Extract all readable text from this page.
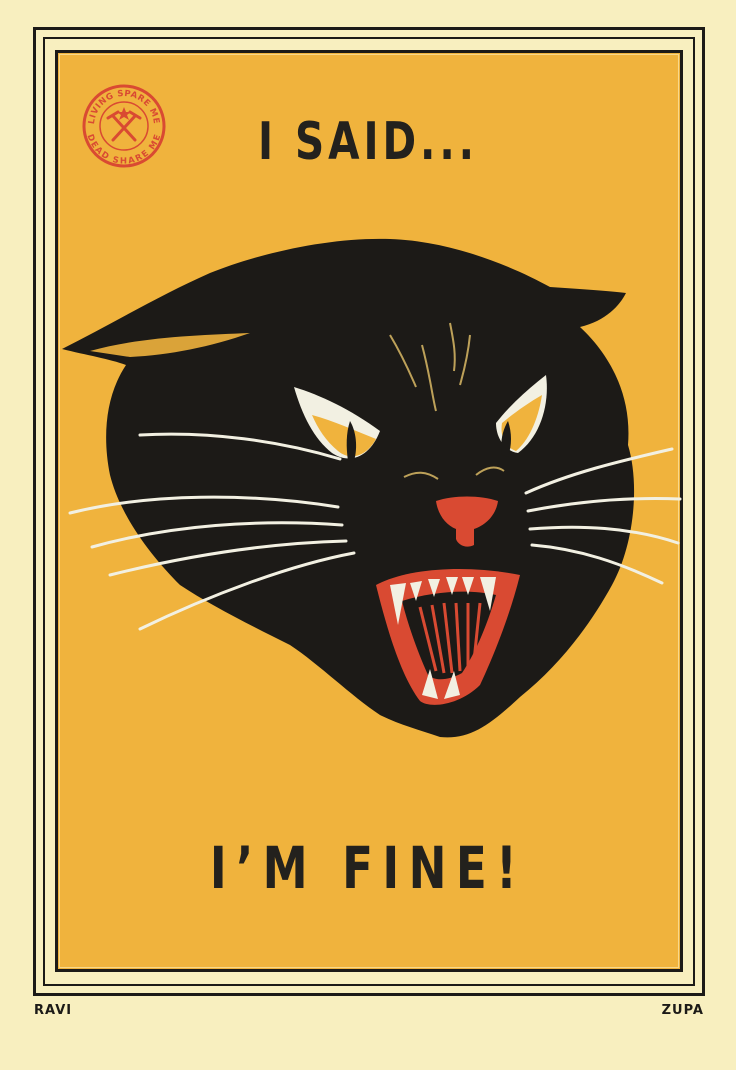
LIVING SPARE ME
DEAD SHARE ME	I SAID...
I’M FINE!
RAVI	ZUPA
